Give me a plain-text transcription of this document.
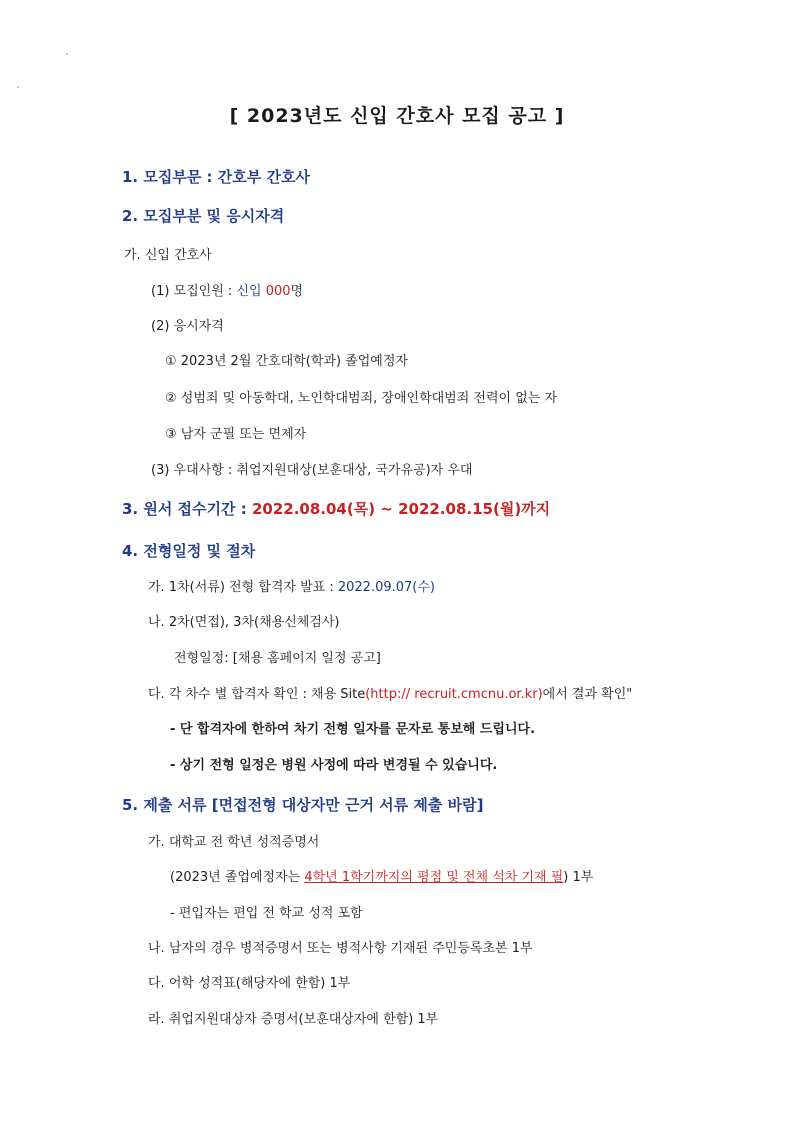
[ 2023년도 신입 간호사 모집 공고 ]
1. 모집부문 : 간호부 간호사
2. 모집부분 및 응시자격
가. 신입 간호사
(1) 모집인원 : 신입 000명
(2) 응시자격
① 2023년 2월 간호대학(학과) 졸업예정자
② 성범죄 및 아동학대, 노인학대범죄, 장애인학대범죄 전력이 없는 자
③ 남자 군필 또는 면제자
(3) 우대사항 : 취업지원대상(보훈대상, 국가유공)자 우대
3. 원서 접수기간 : 2022.08.04(목) ~ 2022.08.15(월)까지
4. 전형일정 및 절차
가. 1차(서류) 전형 합격자 발표 : 2022.09.07(수)
나. 2차(면접), 3차(채용신체검사)
전형일정: [채용 홈페이지 일정 공고]
다. 각 차수 별 합격자 확인 : 채용 Site(http:// recruit.cmcnu.or.kr)에서 결과 확인"
- 단 합격자에 한하여 차기 전형 일자를 문자로 통보해 드립니다.
- 상기 전형 일정은 병원 사정에 따라 변경될 수 있습니다.
5. 제출 서류 [면접전형 대상자만 근거 서류 제출 바람]
가. 대학교 전 학년 성적증명서
(2023년 졸업예정자는 4학년 1학기까지의 평점 및 전체 석차 기재 필) 1부
- 편입자는 편입 전 학교 성적 포함
나. 남자의 경우 병적증명서 또는 병적사항 기재된 주민등록초본 1부
다. 어학 성적표(해당자에 한함) 1부
라. 취업지원대상자 증명서(보훈대상자에 한함) 1부
